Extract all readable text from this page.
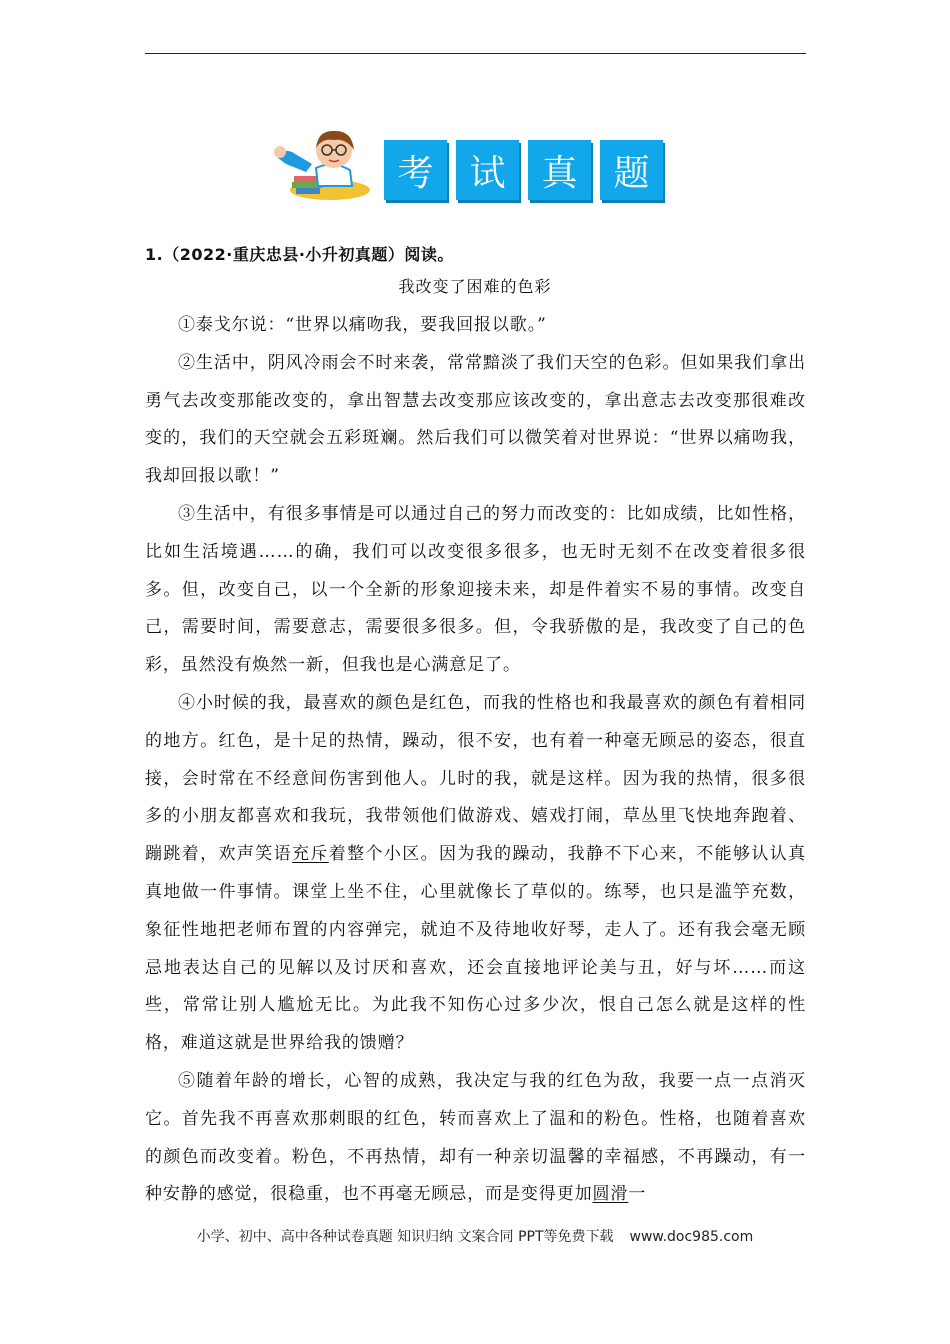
考 试 真 题
1.（2022·重庆忠县·小升初真题）阅读。
我改变了困难的色彩

①泰戈尔说：“世界以痛吻我，要我回报以歌。”

②生活中，阴风冷雨会不时来袭，常常黯淡了我们天空的色彩。但如果我们拿出勇气去改变那能改变的，拿出智慧去改变那应该改变的，拿出意志去改变那很难改变的，我们的天空就会五彩斑斓。然后我们可以微笑着对世界说：“世界以痛吻我，我却回报以歌！”

③生活中，有很多事情是可以通过自己的努力而改变的：比如成绩，比如性格，比如生活境遇……的确，我们可以改变很多很多，也无时无刻不在改变着很多很多。但，改变自己，以一个全新的形象迎接未来，却是件着实不易的事情。改变自己，需要时间，需要意志，需要很多很多。但，令我骄傲的是，我改变了自己的色彩，虽然没有焕然一新，但我也是心满意足了。

④小时候的我，最喜欢的颜色是红色，而我的性格也和我最喜欢的颜色有着相同的地方。红色，是十足的热情，躁动，很不安，也有着一种毫无顾忌的姿态，很直接，会时常在不经意间伤害到他人。儿时的我，就是这样。因为我的热情，很多很多的小朋友都喜欢和我玩，我带领他们做游戏、嬉戏打闹，草丛里飞快地奔跑着、蹦跳着，欢声笑语充斥着整个小区。因为我的躁动，我静不下心来，不能够认认真真地做一件事情。课堂上坐不住，心里就像长了草似的。练琴，也只是滥竽充数，象征性地把老师布置的内容弹完，就迫不及待地收好琴，走人了。还有我会毫无顾忌地表达自己的见解以及讨厌和喜欢，还会直接地评论美与丑，好与坏……而这些，常常让别人尴尬无比。为此我不知伤心过多少次，恨自己怎么就是这样的性格，难道这就是世界给我的馈赠？

⑤随着年龄的增长，心智的成熟，我决定与我的红色为敌，我要一点一点消灭它。首先我不再喜欢那刺眼的红色，转而喜欢上了温和的粉色。性格，也随着喜欢的颜色而改变着。粉色，不再热情，却有一种亲切温馨的幸福感，不再躁动，有一种安静的感觉，很稳重，也不再毫无顾忌，而是变得更加圆滑一

小学、初中、高中各种试卷真题 知识归纳 文案合同 PPT等免费下载 www.doc985.com
